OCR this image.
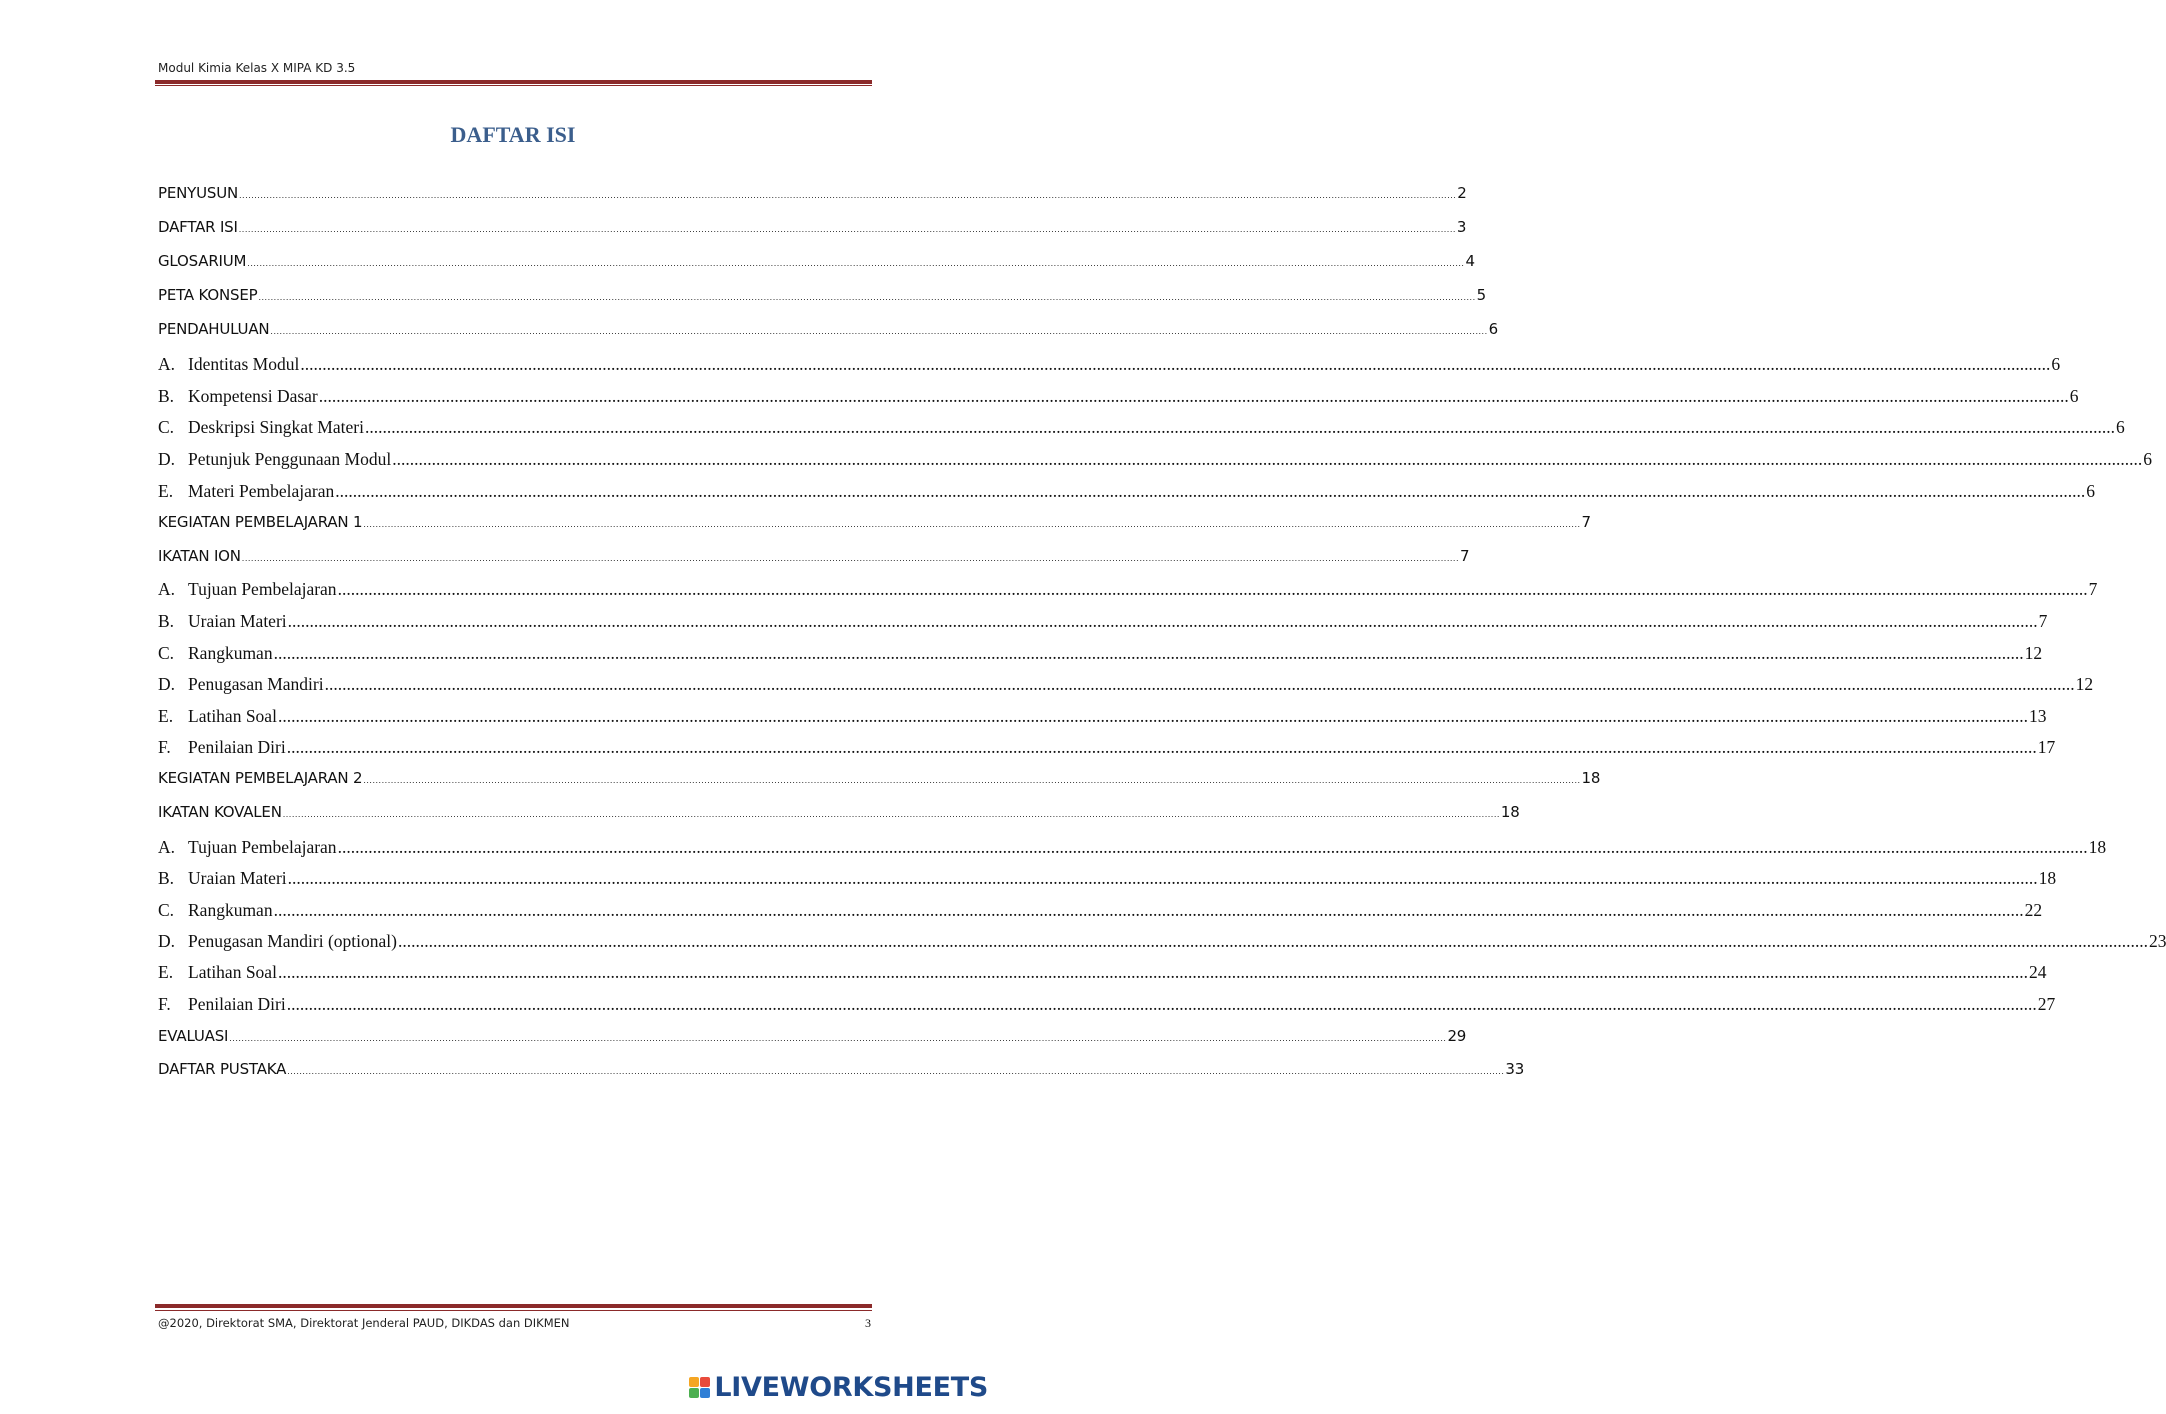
Modul Kimia Kelas X MIPA KD 3.5
DAFTAR ISI
PENYUSUN ................................................................................................................................................................................................................................................................................................................................................................................................................ 2
DAFTAR ISI ................................................................................................................................................................................................................................................................................................................................................................................................................ 3
GLOSARIUM ................................................................................................................................................................................................................................................................................................................................................................................................................ 4
PETA KONSEP ................................................................................................................................................................................................................................................................................................................................................................................................................ 5
PENDAHULUAN ................................................................................................................................................................................................................................................................................................................................................................................................................ 6
A. Identitas Modul ................................................................................................................................................................................................................................................................................................................................................................................................................ 6
B. Kompetensi Dasar ................................................................................................................................................................................................................................................................................................................................................................................................................ 6
C. Deskripsi Singkat Materi ................................................................................................................................................................................................................................................................................................................................................................................................................ 6
D. Petunjuk Penggunaan Modul ................................................................................................................................................................................................................................................................................................................................................................................................................ 6
E. Materi Pembelajaran ................................................................................................................................................................................................................................................................................................................................................................................................................ 6
KEGIATAN PEMBELAJARAN 1 ................................................................................................................................................................................................................................................................................................................................................................................................................ 7
IKATAN ION ................................................................................................................................................................................................................................................................................................................................................................................................................ 7
A. Tujuan Pembelajaran ................................................................................................................................................................................................................................................................................................................................................................................................................ 7
B. Uraian Materi ................................................................................................................................................................................................................................................................................................................................................................................................................ 7
C. Rangkuman ................................................................................................................................................................................................................................................................................................................................................................................................................ 12
D. Penugasan Mandiri ................................................................................................................................................................................................................................................................................................................................................................................................................ 12
E. Latihan Soal ................................................................................................................................................................................................................................................................................................................................................................................................................ 13
F. Penilaian Diri ................................................................................................................................................................................................................................................................................................................................................................................................................ 17
KEGIATAN PEMBELAJARAN 2 ................................................................................................................................................................................................................................................................................................................................................................................................................ 18
IKATAN KOVALEN ................................................................................................................................................................................................................................................................................................................................................................................................................ 18
A. Tujuan Pembelajaran ................................................................................................................................................................................................................................................................................................................................................................................................................ 18
B. Uraian Materi ................................................................................................................................................................................................................................................................................................................................................................................................................ 18
C. Rangkuman ................................................................................................................................................................................................................................................................................................................................................................................................................ 22
D. Penugasan Mandiri (optional) ................................................................................................................................................................................................................................................................................................................................................................................................................ 23
E. Latihan Soal ................................................................................................................................................................................................................................................................................................................................................................................................................ 24
F. Penilaian Diri ................................................................................................................................................................................................................................................................................................................................................................................................................ 27
EVALUASI ................................................................................................................................................................................................................................................................................................................................................................................................................ 29
DAFTAR PUSTAKA ................................................................................................................................................................................................................................................................................................................................................................................................................ 33
@2020, Direktorat SMA, Direktorat Jenderal PAUD, DIKDAS dan DIKMEN	3
LIVEWORKSHEETS
